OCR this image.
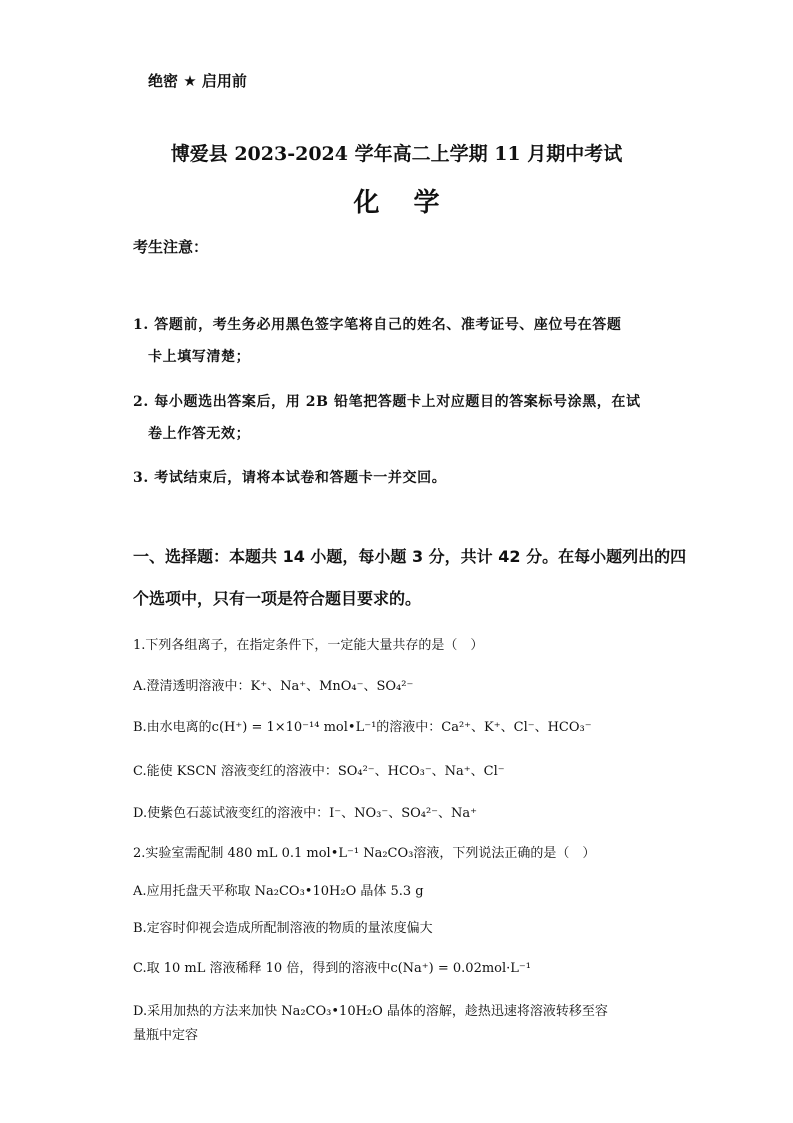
绝密 ★ 启用前
博爱县 2023-2024 学年高二上学期 11 月期中考试
化学
考生注意：
1. 答题前，考生务必用黑色签字笔将自己的姓名、准考证号、座位号在答题
卡上填写清楚；
2. 每小题选出答案后，用 2B 铅笔把答题卡上对应题目的答案标号涂黑，在试
卷上作答无效；
3. 考试结束后，请将本试卷和答题卡一并交回。
一、选择题：本题共 14 小题，每小题 3 分，共计 42 分。在每小题列出的四
个选项中，只有一项是符合题目要求的。
1.下列各组离子，在指定条件下，一定能大量共存的是（　）
A.澄清透明溶液中：K⁺、Na⁺、MnO₄⁻、SO₄²⁻
B.由水电离的c(H⁺) = 1×10⁻¹⁴ mol•L⁻¹的溶液中：Ca²⁺、K⁺、Cl⁻、HCO₃⁻
C.能使 KSCN 溶液变红的溶液中：SO₄²⁻、HCO₃⁻、Na⁺、Cl⁻
D.使紫色石蕊试液变红的溶液中：I⁻、NO₃⁻、SO₄²⁻、Na⁺
2.实验室需配制 480 mL 0.1 mol•L⁻¹ Na₂CO₃溶液，下列说法正确的是（　）
A.应用托盘天平称取 Na₂CO₃•10H₂O 晶体 5.3 g
B.定容时仰视会造成所配制溶液的物质的量浓度偏大
C.取 10 mL 溶液稀释 10 倍，得到的溶液中c(Na⁺) = 0.02mol·L⁻¹
D.采用加热的方法来加快 Na₂CO₃•10H₂O 晶体的溶解，趁热迅速将溶液转移至容
量瓶中定容
